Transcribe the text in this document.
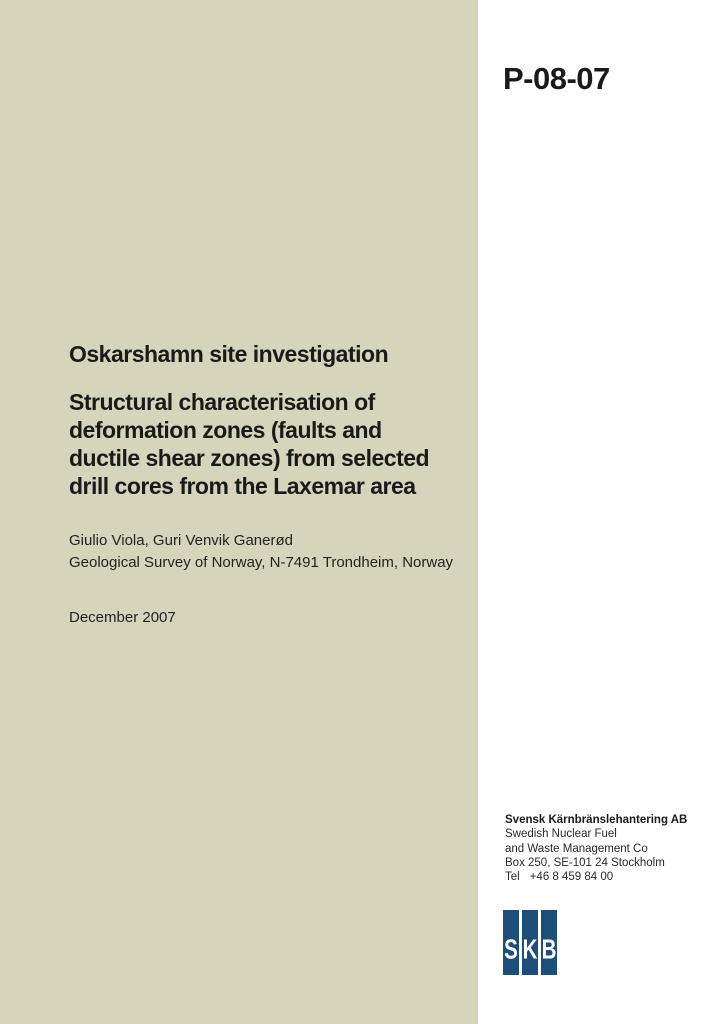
P-08-07
Oskarshamn site investigation
Structural characterisation of
deformation zones (faults and
ductile shear zones) from selected
drill cores from the Laxemar area
Giulio Viola, Guri Venvik Ganerød
Geological Survey of Norway, N-7491 Trondheim, Norway
December 2007
Svensk Kärnbränslehantering AB
Swedish Nuclear Fuel
and Waste Management Co
Box 250, SE-101 24 Stockholm
Tel +46 8 459 84 00
S K B
